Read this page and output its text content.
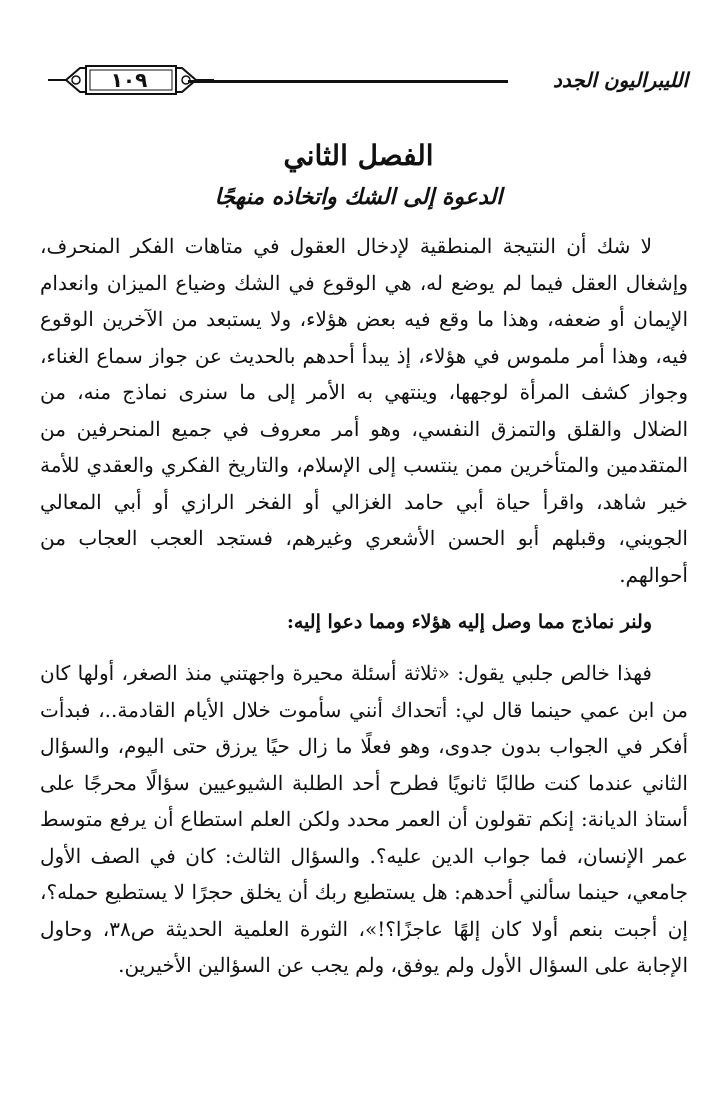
الليبراليون الجدد
١٠٩
الفصل الثاني
الدعوة إلى الشك واتخاذه منهجًا
لا شك أن النتيجة المنطقية لإدخال العقول في متاهات الفكر المنحرف، وإشغال العقل فيما لم يوضع له، هي الوقوع في الشك وضياع الميزان وانعدام الإيمان أو ضعفه، وهذا ما وقع فيه بعض هؤلاء، ولا يستبعد من الآخرين الوقوع فيه، وهذا أمر ملموس في هؤلاء، إذ يبدأ أحدهم بالحديث عن جواز سماع الغناء، وجواز كشف المرأة لوجهها، وينتهي به الأمر إلى ما سنرى نماذج منه، من الضلال والقلق والتمزق النفسي، وهو أمر معروف في جميع المنحرفين من المتقدمين والمتأخرين ممن ينتسب إلى الإسلام، والتاريخ الفكري والعقدي للأمة خير شاهد، واقرأ حياة أبي حامد الغزالي أو الفخر الرازي أو أبي المعالي الجويني، وقبلهم أبو الحسن الأشعري وغيرهم، فستجد العجب العجاب من أحوالهم.
ولنر نماذج مما وصل إليه هؤلاء ومما دعوا إليه:
فهذا خالص جلبي يقول: «ثلاثة أسئلة محيرة واجهتني منذ الصغر، أولها كان من ابن عمي حينما قال لي: أتحداك أنني سأموت خلال الأيام القادمة..، فبدأت أفكر في الجواب بدون جدوى، وهو فعلًا ما زال حيًا يرزق حتى اليوم، والسؤال الثاني عندما كنت طالبًا ثانويًا فطرح أحد الطلبة الشيوعيين سؤالًا محرجًا على أستاذ الديانة: إنكم تقولون أن العمر محدد ولكن العلم استطاع أن يرفع متوسط عمر الإنسان، فما جواب الدين عليه؟. والسؤال الثالث: كان في الصف الأول جامعي، حينما سألني أحدهم: هل يستطيع ربك أن يخلق حجرًا لا يستطيع حمله؟، إن أجبت بنعم أولا كان إلهًا عاجزًا؟!»، الثورة العلمية الحديثة ص٣٨، وحاول الإجابة على السؤال الأول ولم يوفق، ولم يجب عن السؤالين الأخيرين.
